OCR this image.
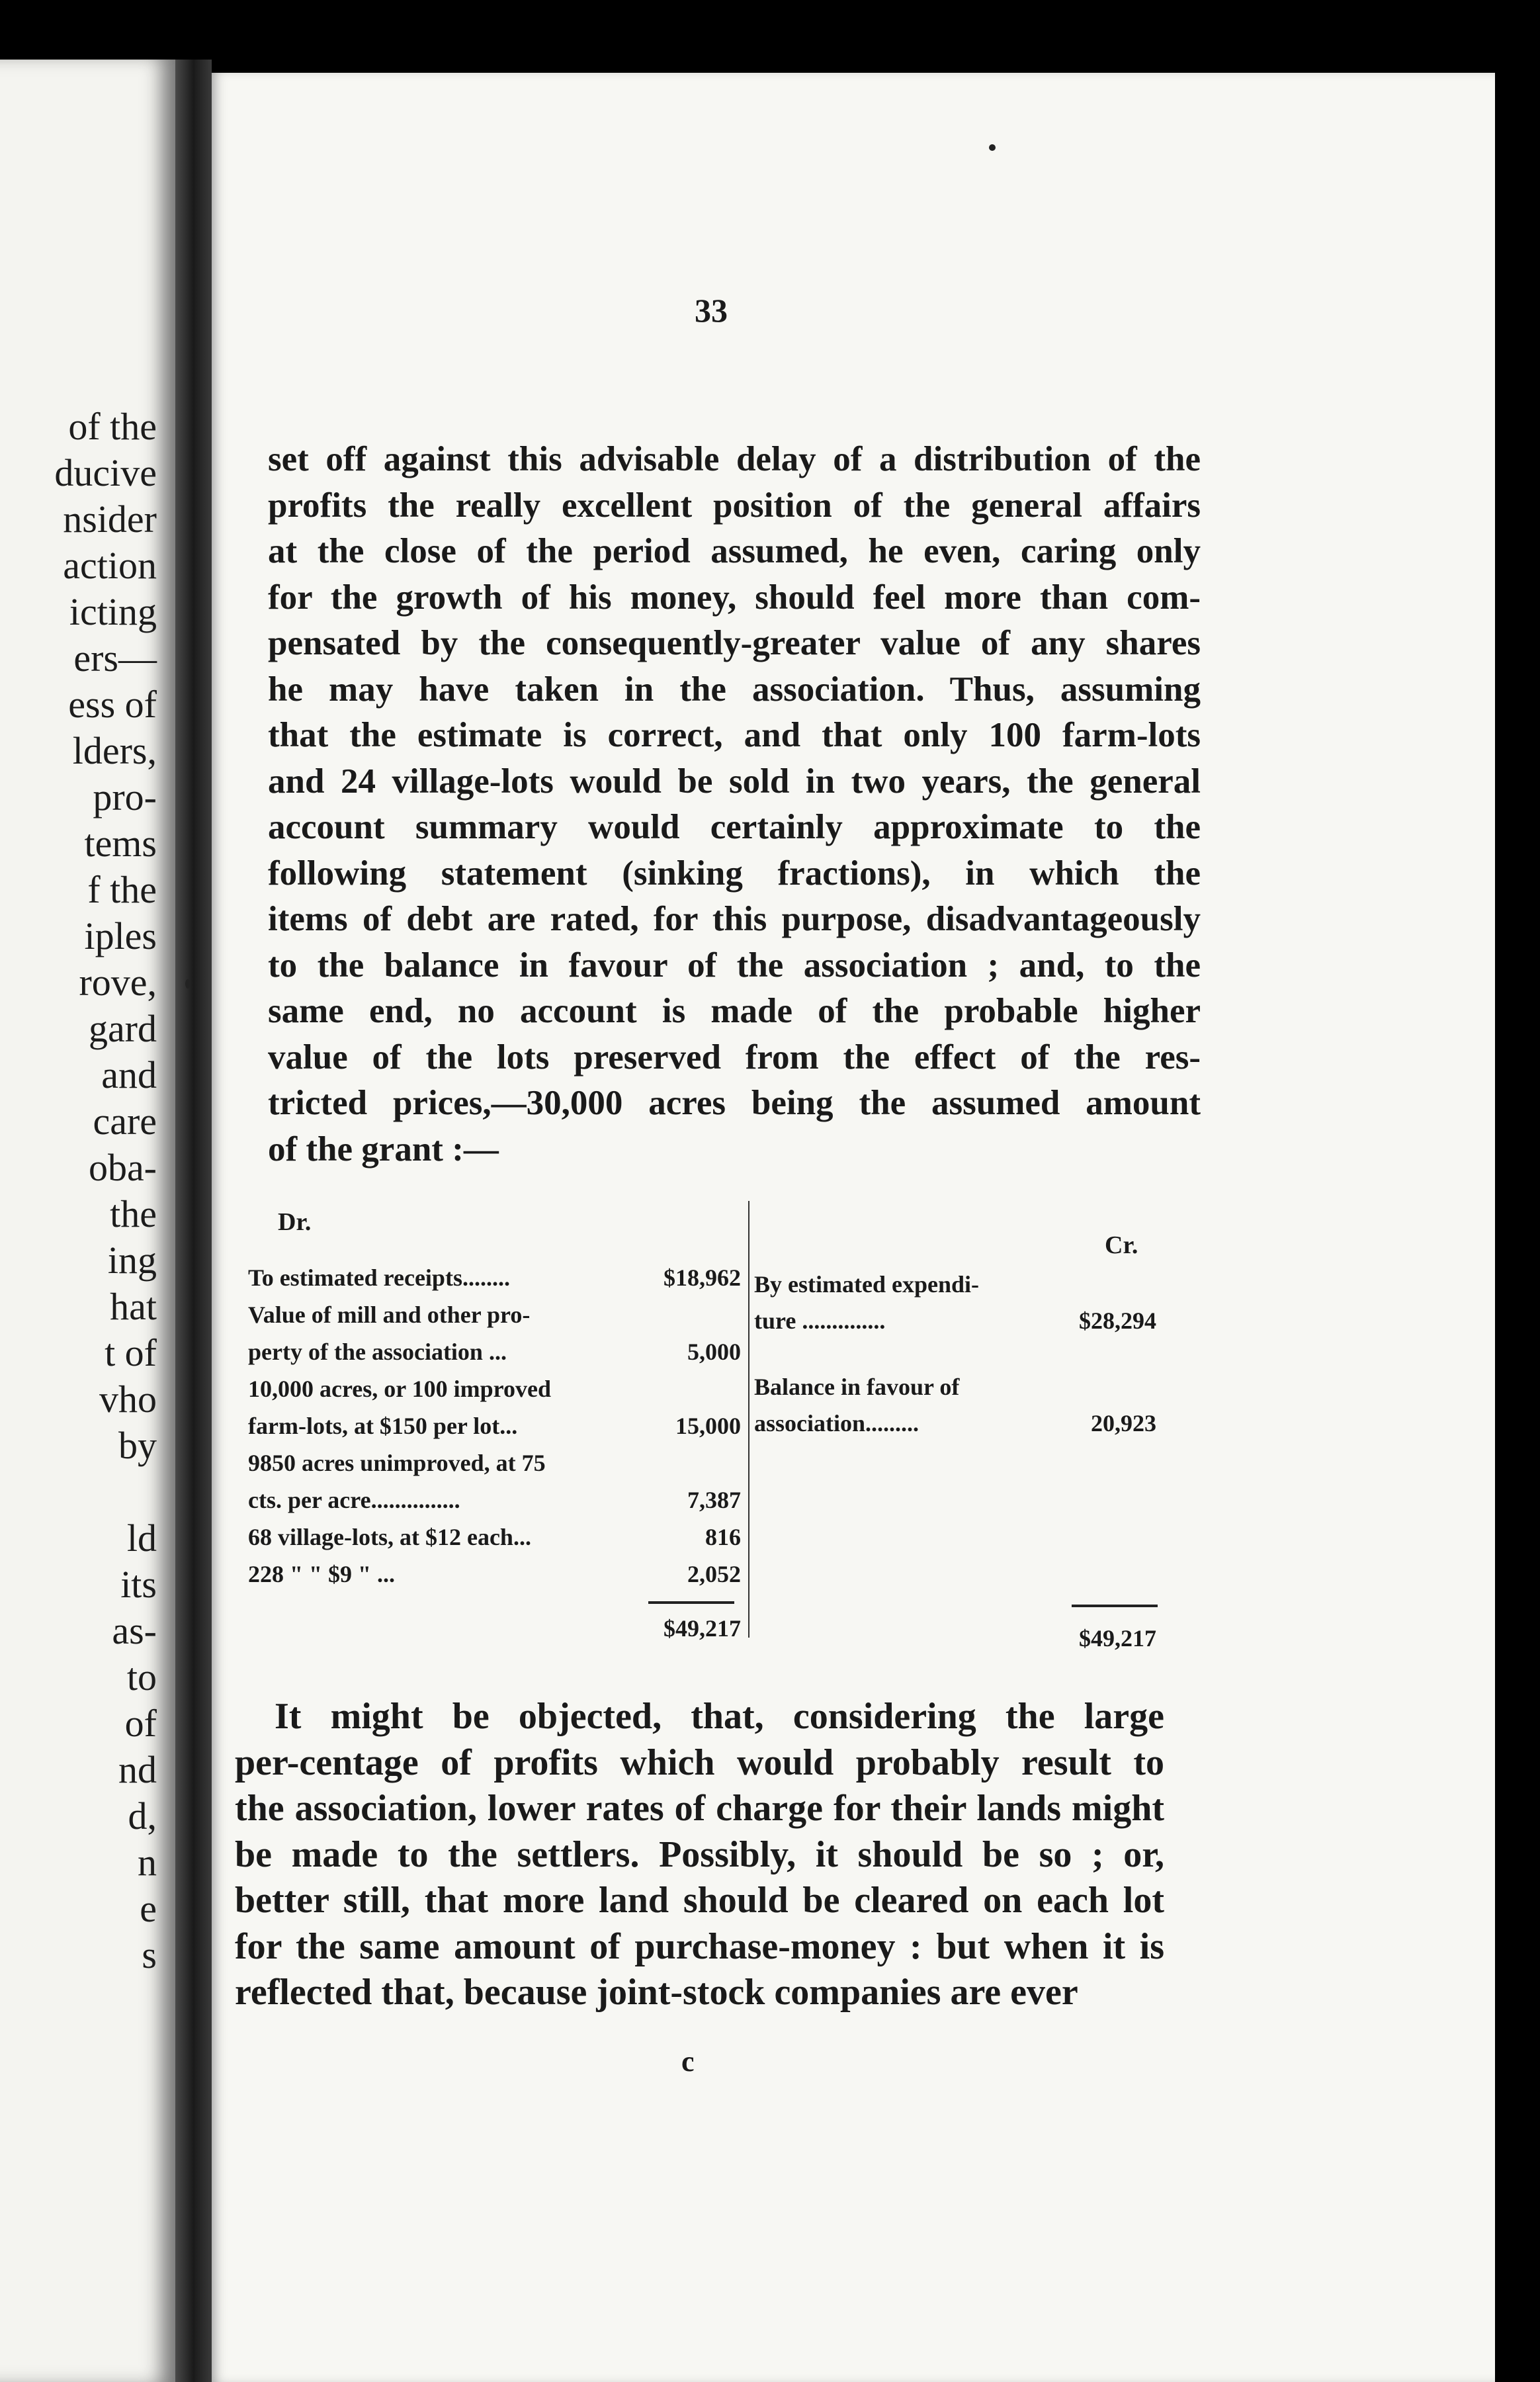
of the
ducive
nsider
action
icting
ers—
ess of
lders,
pro-
tems
f the
iples
rove,
gard
and
care
oba-
the
ing
hat
t of
vho
by
ld
its
as-
to
of
nd
d,
n
e
s
33
set off against this advisable delay of a distribution of the
profits the really excellent position of the general affairs
at the close of the period assumed, he even, caring only
for the growth of his money, should feel more than com-
pensated by the consequently-greater value of any shares
he may have taken in the association. Thus, assuming
that the estimate is correct, and that only 100 farm-lots
and 24 village-lots would be sold in two years, the general
account summary would certainly approximate to the
following statement (sinking fractions), in which the
items of debt are rated, for this purpose, disadvantageously
to the balance in favour of the association ; and, to the
same end, no account is made of the probable higher
value of the lots preserved from the effect of the res-
tricted prices,—30,000 acres being the assumed amount
of the grant :—
Dr.
Cr.
To estimated receipts........	$18,962
Value of mill and other pro-
perty of the association ...	5,000
10,000 acres, or 100 improved
farm-lots, at $150 per lot...	15,000
9850 acres unimproved, at 75
cts. per acre...............	7,387
68 village-lots, at $12 each...	816
228 " " $9 " ...	2,052
By estimated expendi-
ture ..............	$28,294
Balance in favour of
association.........	20,923
$49,217	$49,217
It might be objected, that, considering the large
per-centage of profits which would probably result to
the association, lower rates of charge for their lands might
be made to the settlers. Possibly, it should be so ; or,
better still, that more land should be cleared on each lot
for the same amount of purchase-money : but when it is
reflected that, because joint-stock companies are ever
c
